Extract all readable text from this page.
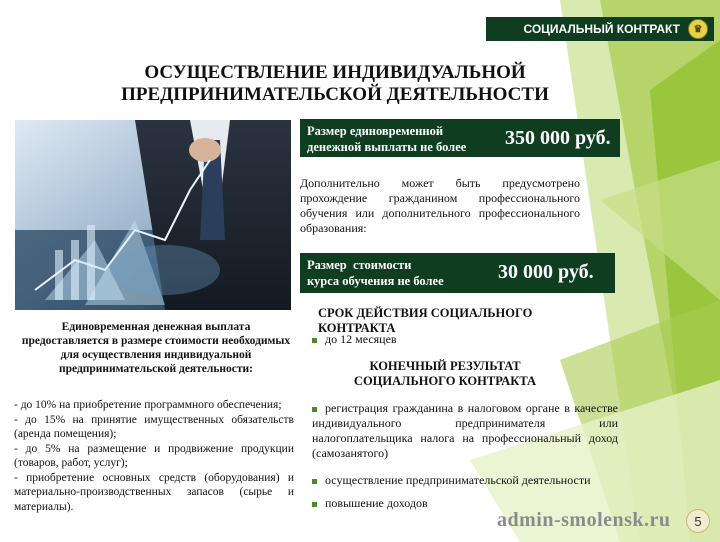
СОЦИАЛЬНЫЙ КОНТРАКТ	♛
ОСУЩЕСТВЛЕНИЕ ИНДИВИДУАЛЬНОЙ
ПРЕДПРИНИМАТЕЛЬСКОЙ ДЕЯТЕЛЬНОСТИ
Размер единовременной
денежной выплаты не более 350 000 руб.
Дополнительно может быть предусмотрено прохождение гражданином профессионального обучения или дополнительного профессионального образования:
Размер  стоимости
курса обучения не более	30 000 руб.
Единовременная денежная выплата предоставляется в размере стоимости необходимых для осуществления индивидуальной предпринимательской деятельности:
- до 10% на приобретение программного обеспечения;
- до 15% на принятие имущественных обязательств (аренда помещения);
- до 5% на размещение и продвижение продукции (товаров, работ, услуг);
- приобретение основных средств (оборудования) и материально-производственных запасов (сырье и материалы).
СРОК ДЕЙСТВИЯ СОЦИАЛЬНОГО КОНТРАКТА
до 12 месяцев
КОНЕЧНЫЙ РЕЗУЛЬТАТ
СОЦИАЛЬНОГО КОНТРАКТА
регистрация гражданина в налоговом органе в качестве индивидуального предпринимателя или налогоплательщика налога на профессиональный доход (самозанятого)
осуществление предпринимательской деятельности
повышение доходов
admin-smolensk.ru	5
